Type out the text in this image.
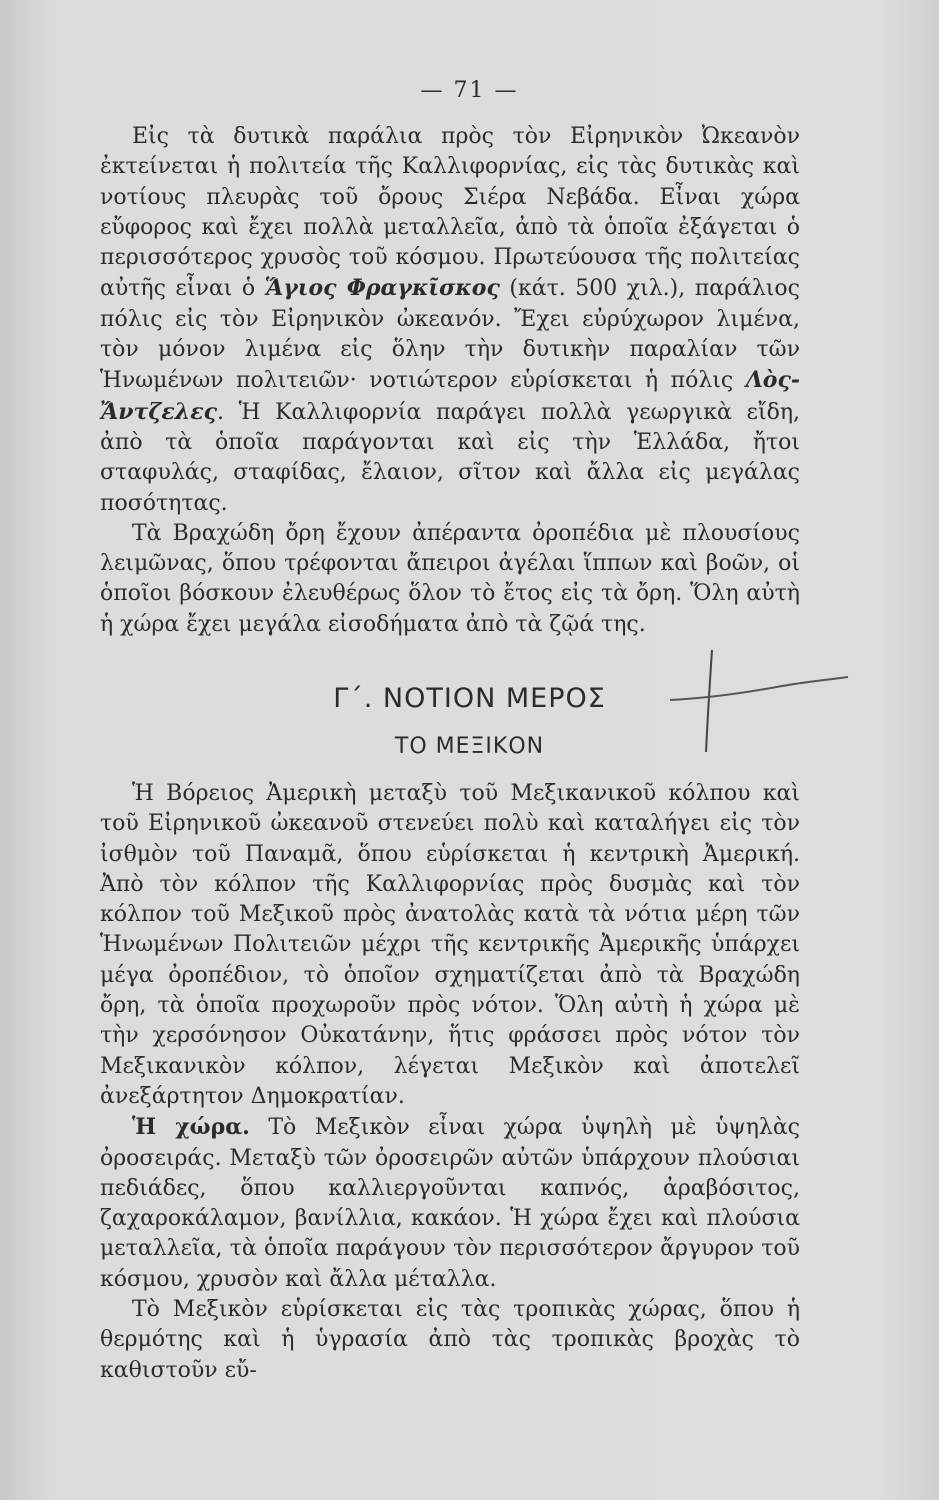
— 71 —

Εἰς τὰ δυτικὰ παράλια πρὸς τὸν Εἰρηνικὸν Ὠκεανὸν ἐκτείνεται ἡ πολιτεία τῆς Καλλιφορνίας, εἰς τὰς δυτικὰς καὶ νοτίους πλευρὰς τοῦ ὄρους Σιέρα Νεβάδα. Εἶναι χώρα εὔφορος καὶ ἔχει πολλὰ μεταλλεῖα, ἀπὸ τὰ ὁποῖα ἐξάγεται ὁ περισσότερος χρυσὸς τοῦ κόσμου. Πρωτεύουσα τῆς πολιτείας αὐτῆς εἶναι ὁ Ἅγιος Φραγκῖσκος (κάτ. 500 χιλ.), παράλιος πόλις εἰς τὸν Εἰρηνικὸν ὠκεανόν. Ἔχει εὐρύχωρον λιμένα, τὸν μόνον λιμένα εἰς ὅλην τὴν δυτικὴν παραλίαν τῶν Ἡνωμένων πολιτειῶν· νοτιώτερον εὑρίσκεται ἡ πόλις Λὸς-Ἄντζελες. Ἡ Καλλιφορνία παράγει πολλὰ γεωργικὰ εἴδη, ἀπὸ τὰ ὁποῖα παράγονται καὶ εἰς τὴν Ἑλλάδα, ἤτοι σταφυλάς, σταφίδας, ἔλαιον, σῖτον καὶ ἄλλα εἰς μεγάλας ποσότητας.

Τὰ Βραχώδη ὄρη ἔχουν ἀπέραντα ὀροπέδια μὲ πλουσίους λειμῶνας, ὅπου τρέφονται ἄπειροι ἀγέλαι ἵππων καὶ βοῶν, οἱ ὁποῖοι βόσκουν ἐλευθέρως ὅλον τὸ ἔτος εἰς τὰ ὄρη. Ὅλη αὐτὴ ἡ χώρα ἔχει μεγάλα εἰσοδήματα ἀπὸ τὰ ζῷά της.

Γ΄. ΝΟΤΙΟΝ ΜΕΡΟΣ
ΤΟ ΜΕΞΙΚΟΝ

Ἡ Βόρειος Ἀμερικὴ μεταξὺ τοῦ Μεξικανικοῦ κόλπου καὶ τοῦ Εἰρηνικοῦ ὠκεανοῦ στενεύει πολὺ καὶ καταλήγει εἰς τὸν ἰσθμὸν τοῦ Παναμᾶ, ὅπου εὑρίσκεται ἡ κεντρικὴ Ἀμερική. Ἀπὸ τὸν κόλπον τῆς Καλλιφορνίας πρὸς δυσμὰς καὶ τὸν κόλπον τοῦ Μεξικοῦ πρὸς ἀνατολὰς κατὰ τὰ νότια μέρη τῶν Ἡνωμένων Πολιτειῶν μέχρι τῆς κεντρικῆς Ἀμερικῆς ὑπάρχει μέγα ὀροπέδιον, τὸ ὁποῖον σχηματίζεται ἀπὸ τὰ Βραχώδη ὄρη, τὰ ὁποῖα προχωροῦν πρὸς νότον. Ὅλη αὐτὴ ἡ χώρα μὲ τὴν χερσόνησον Οὐκατάνην, ἥτις φράσσει πρὸς νότον τὸν Μεξικανικὸν κόλπον, λέγεται Μεξικὸν καὶ ἀποτελεῖ ἀνεξάρτητον Δημοκρατίαν.

Ἡ χώρα. Τὸ Μεξικὸν εἶναι χώρα ὑψηλὴ μὲ ὑψηλὰς ὀροσειράς. Μεταξὺ τῶν ὀροσειρῶν αὐτῶν ὑπάρχουν πλούσιαι πεδιάδες, ὅπου καλλιεργοῦνται καπνός, ἀραβόσιτος, ζαχαροκάλαμον, βανίλλια, κακάον. Ἡ χώρα ἔχει καὶ πλούσια μεταλλεῖα, τὰ ὁποῖα παράγουν τὸν περισσότερον ἄργυρον τοῦ κόσμου, χρυσὸν καὶ ἄλλα μέταλλα.

Τὸ Μεξικὸν εὑρίσκεται εἰς τὰς τροπικὰς χώρας, ὅπου ἡ θερμότης καὶ ἡ ὑγρασία ἀπὸ τὰς τροπικὰς βροχὰς τὸ καθιστοῦν εὔ-
